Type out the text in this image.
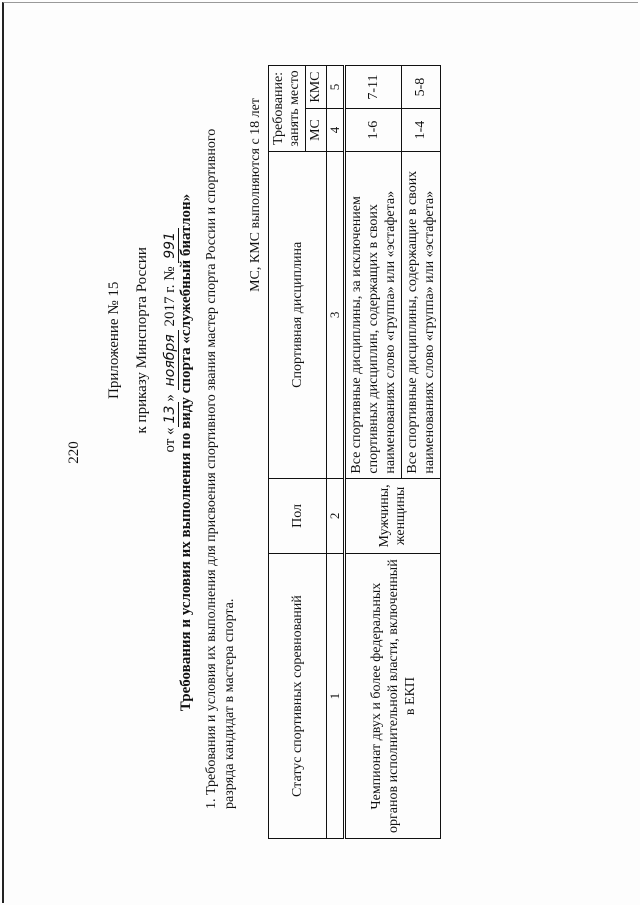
220
Приложение № 15 к приказу Минспорта России
от «13» ноября 2017 г. № 991 Требования и условия их выполнения по виду спорта «служебный биатлон» 1. Требования и условия их выполнения для присвоения спортивного звания мастер спорта России и спортивного разряда кандидат в мастера спорта.
МС, КМС выполняются с 18 лет
Статус спортивных соревнований	Пол	Спортивная дисциплина	Требование: занять место	
			МС	КМС
1	2	3	4	5
Чемпионат двух и более федеральных органов исполнительной власти, включенный в ЕКП	Мужчины, женщины	Все спортивные дисциплины, за исключением спортивных дисциплин, содержащих в своих наименованиях слово «группа» или «эстафета»	1-6	7-11
		Все спортивные дисциплины, содержащие в своих наименованиях слово «группа» или «эстафета»	1-4	5-8
